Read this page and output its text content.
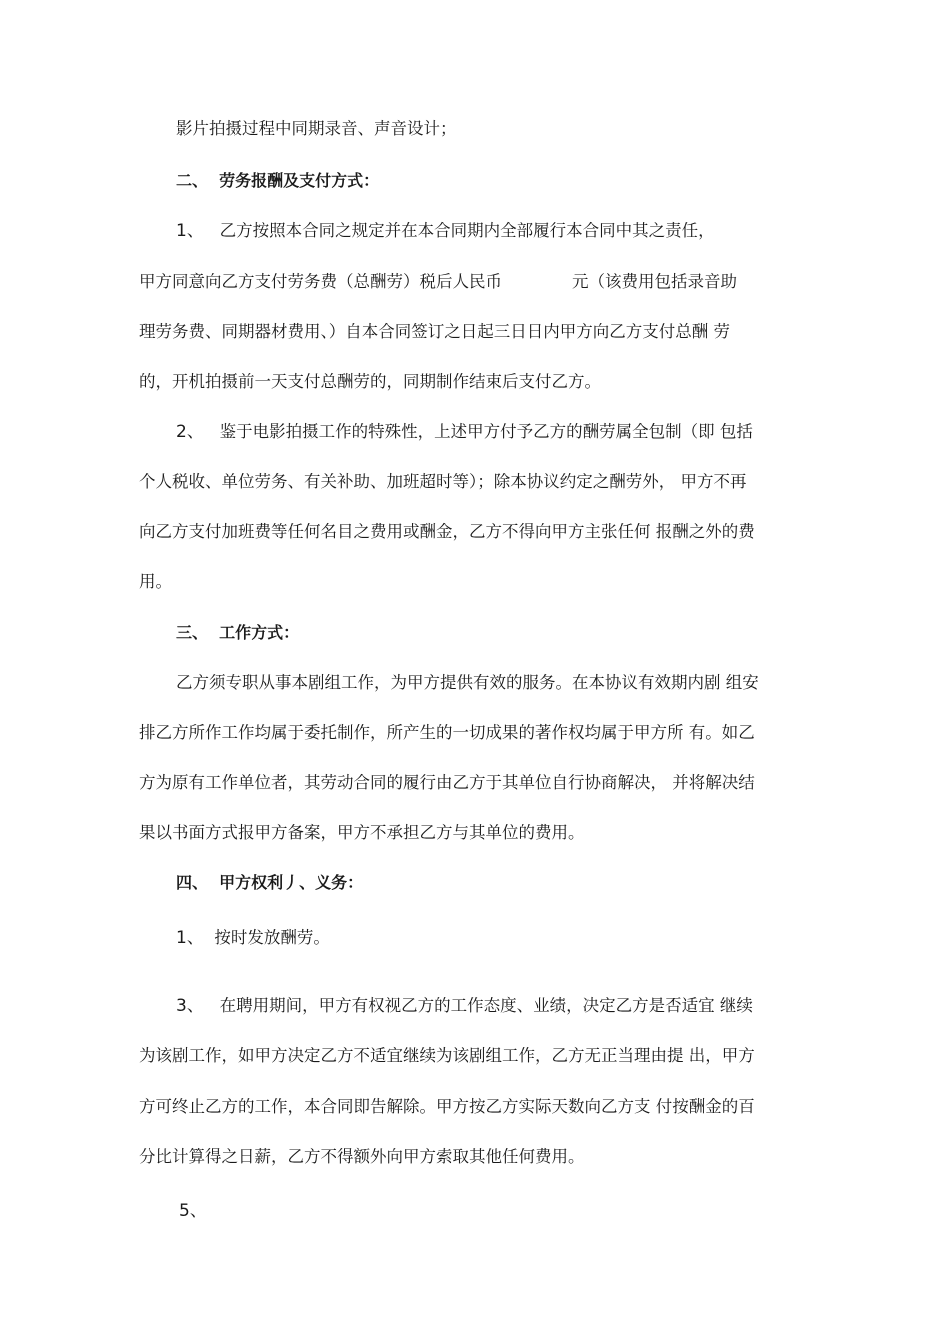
影片拍摄过程中同期录音、声音设计；
二、 劳务报酬及支付方式：
1、 乙方按照本合同之规定并在本合同期内全部履行本合同中其之责任，
甲方同意向乙方支付劳务费（总酬劳）税后人民币	元（该费用包括录音助
理劳务费、同期器材费用、）自本合同签订之日起三日日内甲方向乙方支付总酬 劳
的，开机拍摄前一天支付总酬劳的，同期制作结束后支付乙方。
2、 鉴于电影拍摄工作的特殊性，上述甲方付予乙方的酬劳属全包制（即 包括
个人税收、单位劳务、有关补助、加班超时等）；除本协议约定之酬劳外， 甲方不再
向乙方支付加班费等任何名目之费用或酬金，乙方不得向甲方主张任何 报酬之外的费
用。
三、 工作方式：
乙方须专职从事本剧组工作，为甲方提供有效的服务。在本协议有效期内剧 组安
排乙方所作工作均属于委托制作，所产生的一切成果的著作权均属于甲方所 有。如乙
方为原有工作单位者，其劳动合同的履行由乙方于其单位自行协商解决， 并将解决结
果以书面方式报甲方备案，甲方不承担乙方与其单位的费用。
四、 甲方权利丿、义务：
1、 按时发放酬劳。
3、 在聘用期间，甲方有权视乙方的工作态度、业绩，决定乙方是否适宜 继续
为该剧工作，如甲方决定乙方不适宜继续为该剧组工作，乙方无正当理由提 出，甲方
方可终止乙方的工作，本合同即告解除。甲方按乙方实际天数向乙方支 付按酬金的百
分比计算得之日薪，乙方不得额外向甲方索取其他任何费用。
5、
